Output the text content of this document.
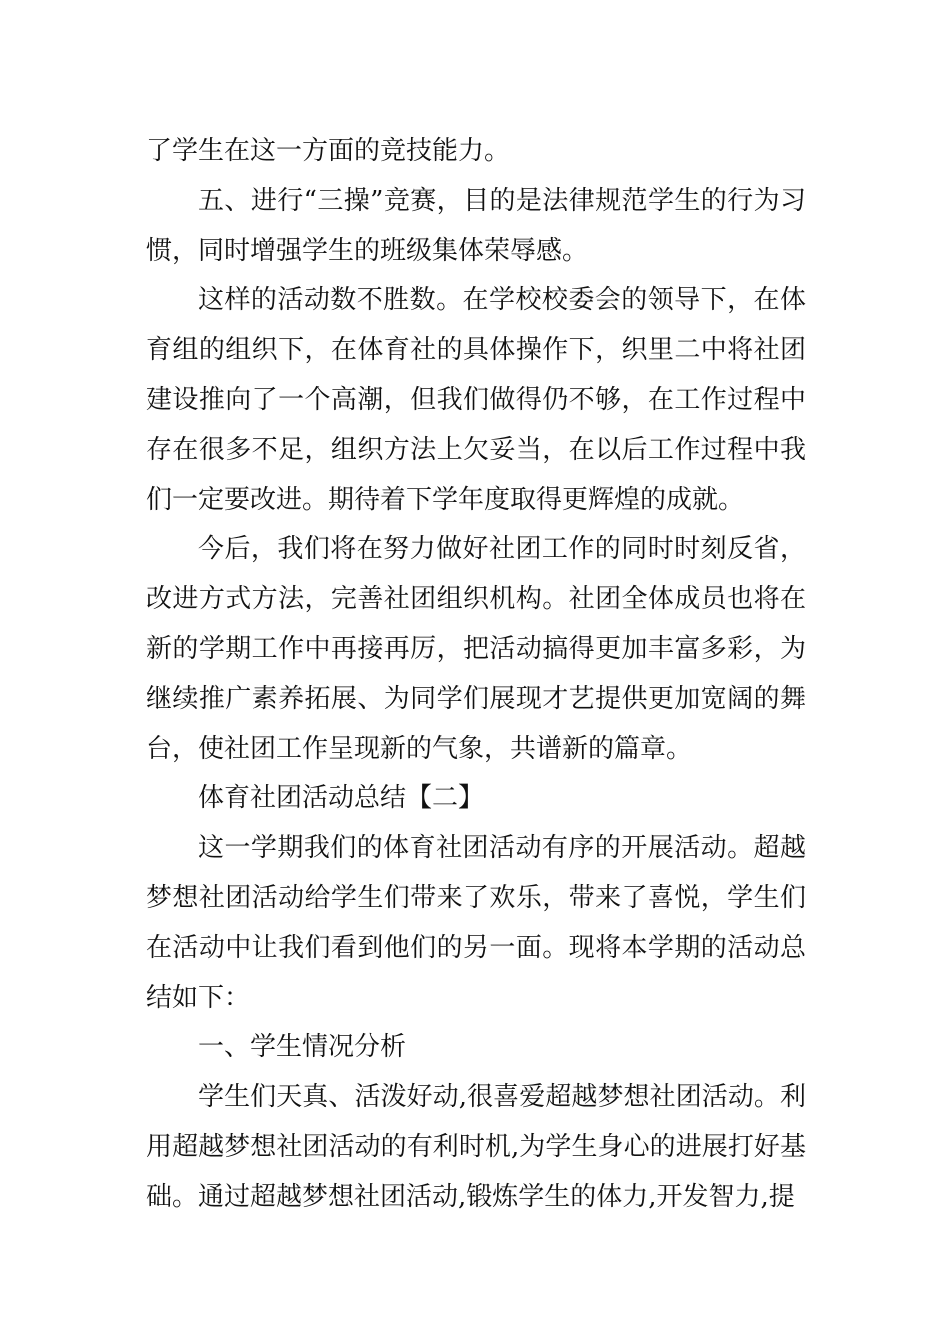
了学生在这一方面的竞技能力。

五、进行“三操”竞赛，目的是法律规范学生的行为习惯，同时增强学生的班级集体荣辱感。

这样的活动数不胜数。在学校校委会的领导下，在体育组的组织下，在体育社的具体操作下，织里二中将社团建设推向了一个高潮，但我们做得仍不够，在工作过程中存在很多不足，组织方法上欠妥当，在以后工作过程中我们一定要改进。期待着下学年度取得更辉煌的成就。

今后，我们将在努力做好社团工作的同时时刻反省，改进方式方法，完善社团组织机构。社团全体成员也将在新的学期工作中再接再厉，把活动搞得更加丰富多彩，为继续推广素养拓展、为同学们展现才艺提供更加宽阔的舞台，使社团工作呈现新的气象，共谱新的篇章。

体育社团活动总结【二】

这一学期我们的体育社团活动有序的开展活动。超越梦想社团活动给学生们带来了欢乐，带来了喜悦，学生们在活动中让我们看到他们的另一面。现将本学期的活动总结如下：

一、学生情况分析

学生们天真、活泼好动,很喜爱超越梦想社团活动。利用超越梦想社团活动的有利时机,为学生身心的进展打好基础。通过超越梦想社团活动,锻炼学生的体力,开发智力,提
